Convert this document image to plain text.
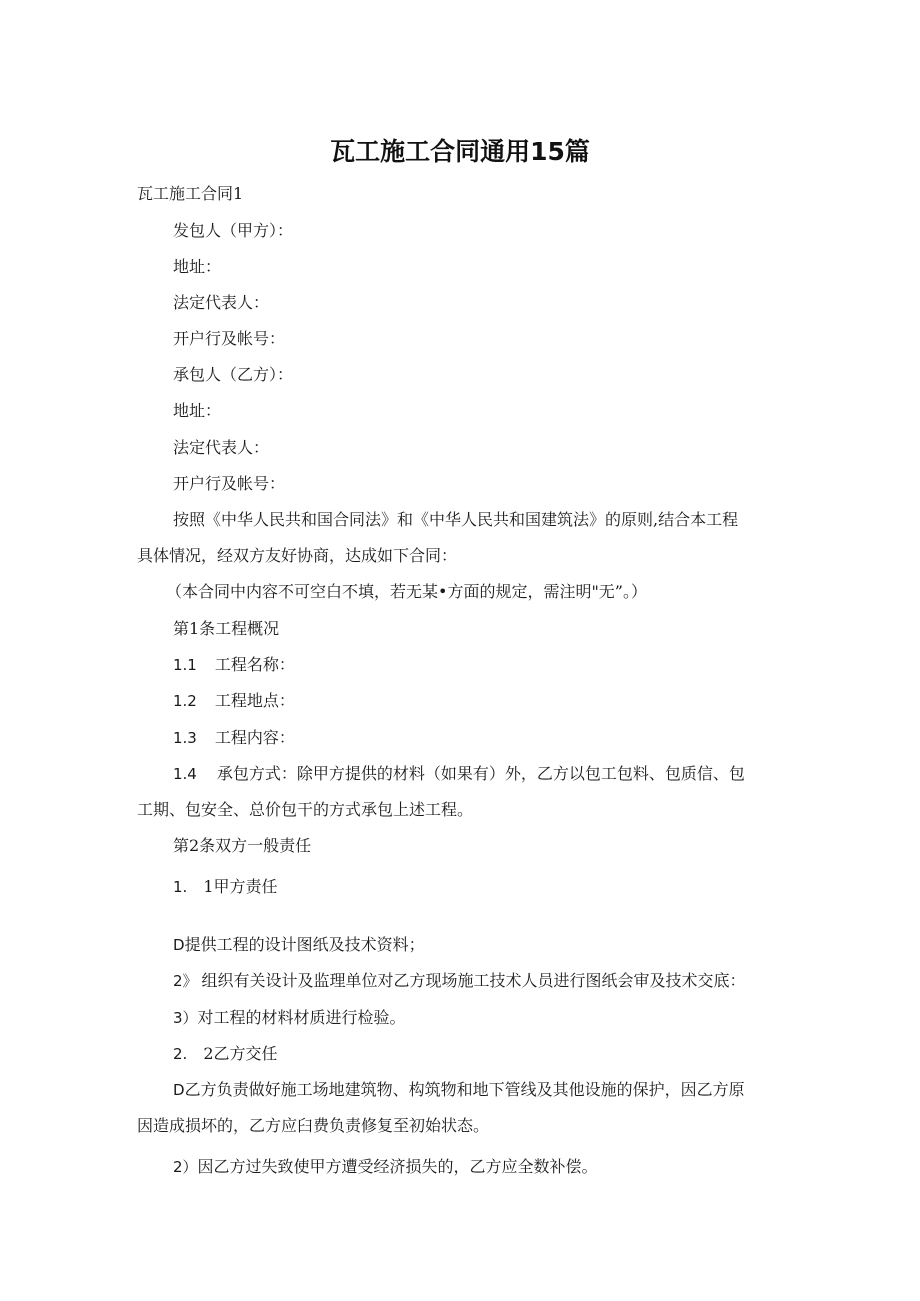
瓦工施工合同通用15篇
瓦工施工合同1
发包人（甲方）：
地址：
法定代表人：
开户行及帐号：
承包人（乙方）：
地址：
法定代表人：
开户行及帐号：
按照《中华人民共和国合同法》和《中华人民共和国建筑法》的原则,结合本工程
具体情况，经双方友好协商，达成如下合同：
（本合同中内容不可空白不填，若无某•方面的规定，需注明"无”。）
第1条工程概况
1.1 工程名称：
1.2 工程地点：
1.3 工程内容：
1.4 承包方式：除甲方提供的材料（如果有）外，乙方以包工包料、包质信、包
工期、包安全、总价包干的方式承包上述工程。
第2条双方一般责任
1. 1甲方责任
D提供工程的设计图纸及技术资料；
2》 组织有关设计及监理单位对乙方现场施工技术人员进行图纸会审及技术交底：
3）对工程的材料材质进行检验。
2. 2乙方交任
D乙方负责做好施工场地建筑物、构筑物和地下管线及其他设施的保护，因乙方原
因造成损坏的，乙方应臼费负责修复至初始状态。
2）因乙方过失致使甲方遭受经济损失的，乙方应全数补偿。
